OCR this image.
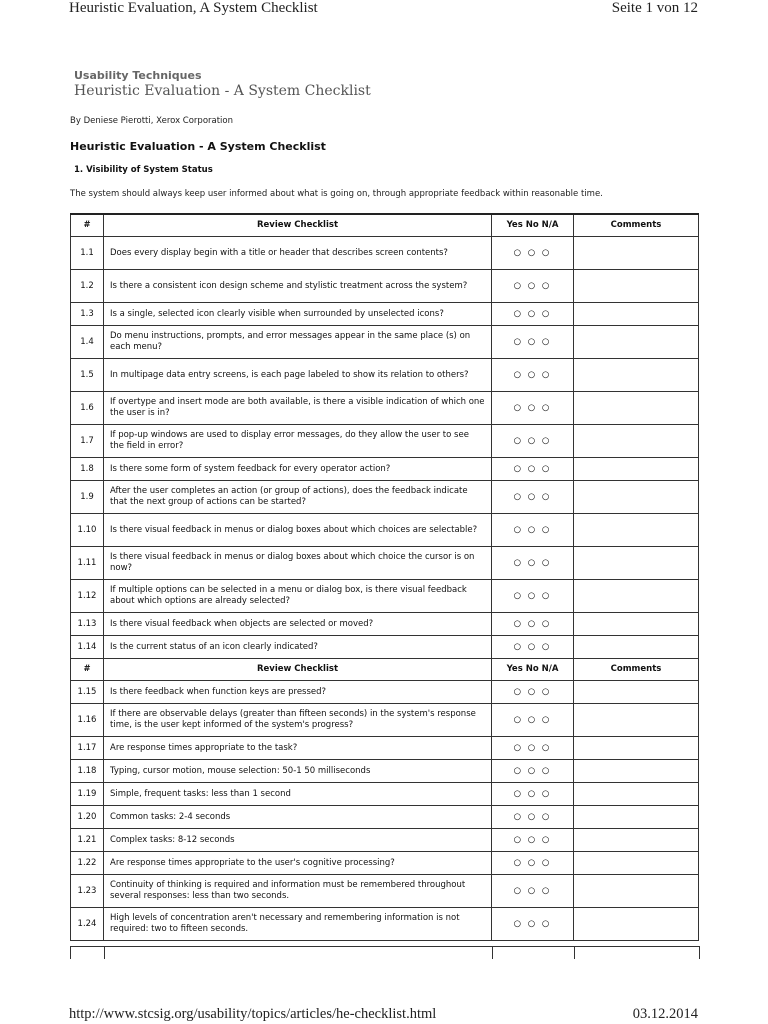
Heuristic Evaluation, A System Checklist	Seite 1 von 12
Usability Techniques
Heuristic Evaluation - A System Checklist
By Deniese Pierotti, Xerox Corporation
Heuristic Evaluation - A System Checklist
1. Visibility of System Status
The system should always keep user informed about what is going on, through appropriate feedback within reasonable time.
#	Review Checklist	Yes No N/A	Comments
1.1	Does every display begin with a title or header that describes screen contents?	○ ○ ○	
1.2	Is there a consistent icon design scheme and stylistic treatment across the system?	○ ○ ○	
1.3	Is a single, selected icon clearly visible when surrounded by unselected icons?	○ ○ ○	
1.4	Do menu instructions, prompts, and error messages appear in the same place (s) on each menu?	○ ○ ○	
1.5	In multipage data entry screens, is each page labeled to show its relation to others?	○ ○ ○	
1.6	If overtype and insert mode are both available, is there a visible indication of which one the user is in?	○ ○ ○	
1.7	If pop-up windows are used to display error messages, do they allow the user to see the field in error?	○ ○ ○	
1.8	Is there some form of system feedback for every operator action?	○ ○ ○	
1.9	After the user completes an action (or group of actions), does the feedback indicate that the next group of actions can be started?	○ ○ ○	
1.10	Is there visual feedback in menus or dialog boxes about which choices are selectable?	○ ○ ○	
1.11	Is there visual feedback in menus or dialog boxes about which choice the cursor is on now?	○ ○ ○	
1.12	If multiple options can be selected in a menu or dialog box, is there visual feedback about which options are already selected?	○ ○ ○	
1.13	Is there visual feedback when objects are selected or moved?	○ ○ ○	
1.14	Is the current status of an icon clearly indicated?	○ ○ ○	
#	Review Checklist	Yes No N/A	Comments
1.15	Is there feedback when function keys are pressed?	○ ○ ○	
1.16	If there are observable delays (greater than fifteen seconds) in the system's response time, is the user kept informed of the system's progress?	○ ○ ○	
1.17	Are response times appropriate to the task?	○ ○ ○	
1.18	Typing, cursor motion, mouse selection: 50-1 50 milliseconds	○ ○ ○	
1.19	Simple, frequent tasks: less than 1 second	○ ○ ○	
1.20	Common tasks: 2-4 seconds	○ ○ ○	
1.21	Complex tasks: 8-12 seconds	○ ○ ○	
1.22	Are response times appropriate to the user's cognitive processing?	○ ○ ○	
1.23	Continuity of thinking is required and information must be remembered throughout several responses: less than two seconds.	○ ○ ○	
1.24	High levels of concentration aren't necessary and remembering information is not required: two to fifteen seconds.	○ ○ ○	
http://www.stcsig.org/usability/topics/articles/he-checklist.html	03.12.2014
